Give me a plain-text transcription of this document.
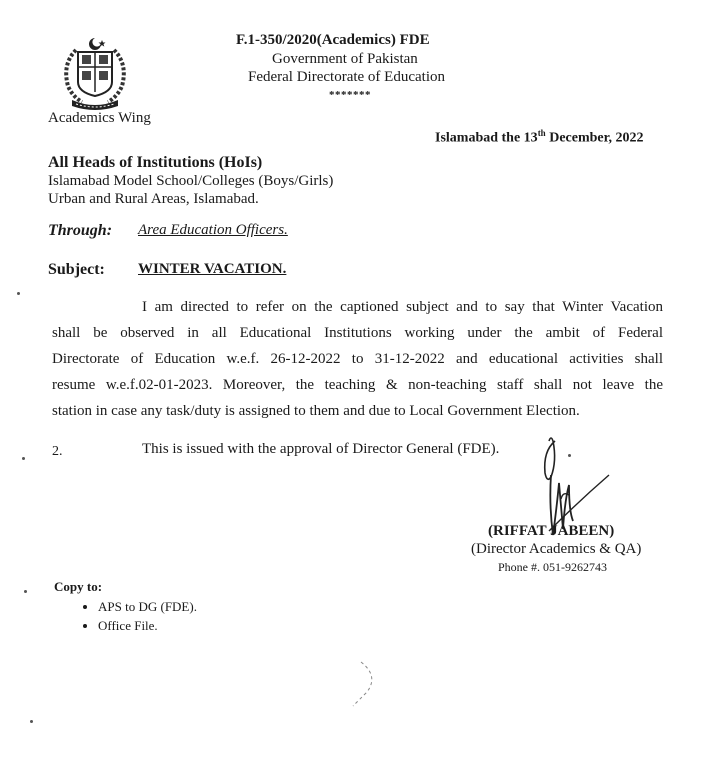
Academics Wing
F.1-350/2020(Academics) FDE
Government of Pakistan
Federal Directorate of Education
*******
Islamabad the 13th December, 2022
All Heads of Institutions (HoIs)
Islamabad Model School/Colleges (Boys/Girls)
Urban and Rural Areas, Islamabad.
Through: Area Education Officers.
Subject: WINTER VACATION.
I am directed to refer on the captioned subject and to say that Winter Vacation
shall be observed in all Educational Institutions working under the ambit of Federal
Directorate of Education w.e.f. 26-12-2022 to 31-12-2022 and educational activities shall
resume w.e.f.02-01-2023. Moreover, the teaching & non-teaching staff shall not leave the
station in case any task/duty is assigned to them and due to Local Government Election.
2.	This is issued with the approval of Director General (FDE).
(RIFFAT JABEEN)
(Director Academics & QA)
Phone #. 051-9262743
Copy to:
• APS to DG (FDE).
• Office File.
